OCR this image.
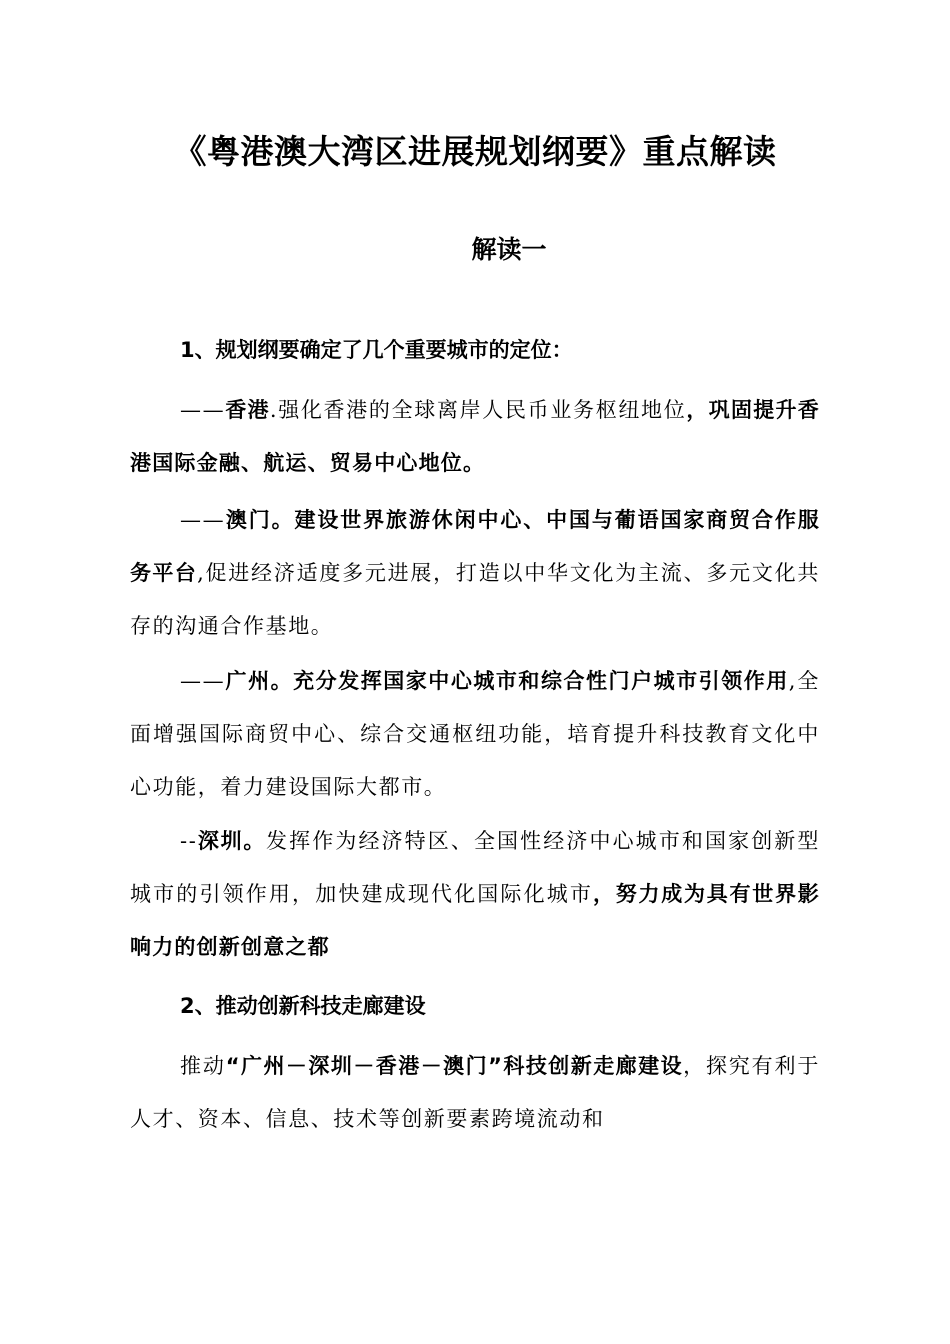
《粤港澳大湾区进展规划纲要》重点解读
解读一
1、规划纲要确定了几个重要城市的定位：
——香港.强化香港的全球离岸人民币业务枢纽地位，巩固提升香港国际金融、航运、贸易中心地位。
——澳门。建设世界旅游休闲中心、中国与葡语国家商贸合作服务平台,促进经济适度多元进展，打造以中华文化为主流、多元文化共存的沟通合作基地。
——广州。充分发挥国家中心城市和综合性门户城市引领作用,全面增强国际商贸中心、综合交通枢纽功能，培育提升科技教育文化中心功能，着力建设国际大都市。
--深圳。发挥作为经济特区、全国性经济中心城市和国家创新型城市的引领作用，加快建成现代化国际化城市，努力成为具有世界影响力的创新创意之都
2、推动创新科技走廊建设
推动“广州－深圳－香港－澳门”科技创新走廊建设，探究有利于人才、资本、信息、技术等创新要素跨境流动和
